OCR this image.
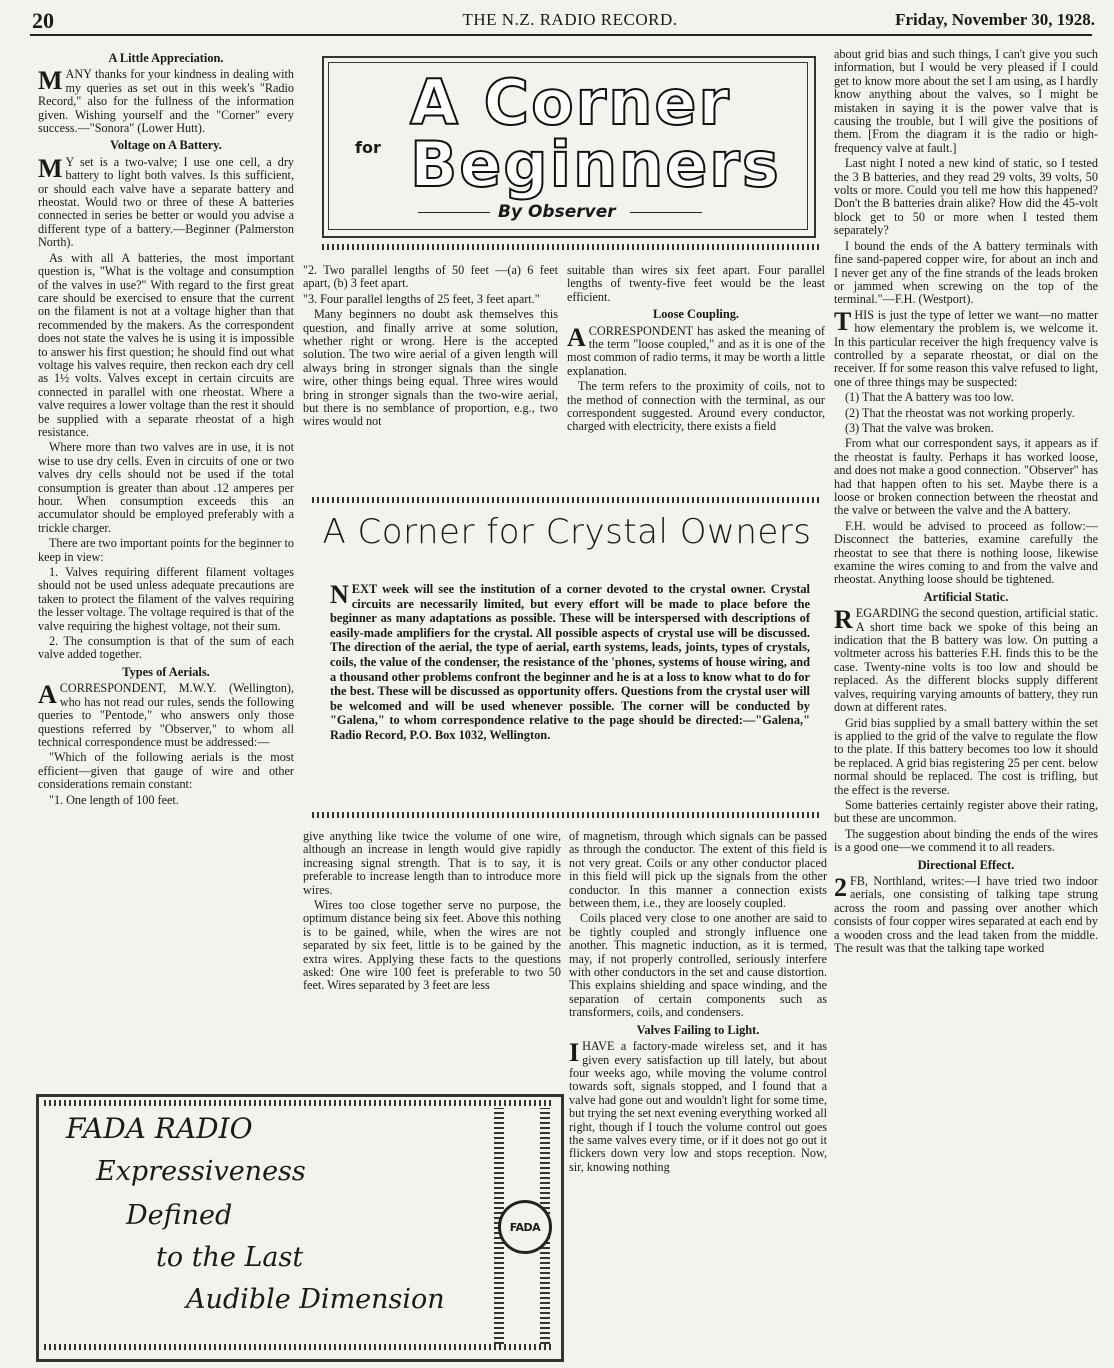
20	THE N.Z. RADIO RECORD.	Friday, November 30, 1928.
A Little Appreciation.

MANY thanks for your kindness in dealing with my queries as set out in this week's "Radio Record," also for the fullness of the information given. Wishing yourself and the "Corner" every success.—"Sonora" (Lower Hutt).

Voltage on A Battery.

M Y set is a two-valve; I use one cell, a dry battery to light both valves. Is this sufficient, or should each valve have a separate battery and rheostat. Would two or three of these A batteries connected in series be better or would you advise a different type of a battery.—Beginner (Palmerston North).

As with all A batteries, the most important question is, "What is the voltage and consumption of the valves in use?" With regard to the first great care should be exercised to ensure that the current on the filament is not at a voltage higher than that recommended by the makers. As the correspondent does not state the valves he is using it is impossible to answer his first question; he should find out what voltage his valves require, then reckon each dry cell as 1½ volts. Valves except in certain circuits are connected in parallel with one rheostat. Where a valve requires a lower voltage than the rest it should be supplied with a separate rheostat of a high resistance.

Where more than two valves are in use, it is not wise to use dry cells. Even in circuits of one or two valves dry cells should not be used if the total consumption is greater than about .12 amperes per hour. When consumption exceeds this an accumulator should be employed preferably with a trickle charger.

There are two important points for the beginner to keep in view:

1. Valves requiring different filament voltages should not be used unless adequate precautions are taken to protect the filament of the valves requiring the lesser voltage. The voltage required is that of the valve requiring the highest voltage, not their sum.

2. The consumption is that of the sum of each valve added together.

Types of Aerials.

ACORRESPONDENT, M.W.Y. (Wellington), who has not read our rules, sends the following queries to "Pentode," who answers only those questions referred by "Observer," to whom all technical correspondence must be addressed:—

"Which of the following aerials is the most efficient—given that gauge of wire and other considerations remain constant:

"1. One length of 100 feet.

A Corner
for Beginners
By Observer

"2. Two parallel lengths of 50 feet —(a) 6 feet apart, (b) 3 feet apart.

"3. Four parallel lengths of 25 feet, 3 feet apart."

Many beginners no doubt ask themselves this question, and finally arrive at some solution, whether right or wrong. Here is the accepted solution. The two wire aerial of a given length will always bring in stronger signals than the single wire, other things being equal. Three wires would bring in stronger signals than the two-wire aerial, but there is no semblance of proportion, e.g., two wires would not

suitable than wires six feet apart. Four parallel lengths of twenty-five feet would be the least efficient.

Loose Coupling.

ACORRESPONDENT has asked the meaning of the term "loose coupled," and as it is one of the most common of radio terms, it may be worth a little explanation.

The term refers to the proximity of coils, not to the method of connection with the terminal, as our correspondent suggested. Around every conductor, charged with electricity, there exists a field

A Corner for Crystal Owners
NEXT week will see the institution of a corner devoted to the crystal owner. Crystal circuits are necessarily limited, but every effort will be made to place before the beginner as many adaptations as possible. These will be interspersed with descriptions of easily-made amplifiers for the crystal. All possible aspects of crystal use will be discussed. The direction of the aerial, the type of aerial, earth systems, leads, joints, types of crystals, coils, the value of the condenser, the resistance of the 'phones, systems of house wiring, and a thousand other problems confront the beginner and he is at a loss to know what to do for the best. These will be discussed as opportunity offers. Questions from the crystal user will be welcomed and will be used whenever possible. The corner will be conducted by "Galena," to whom correspondence relative to the page should be directed:—"Galena," Radio Record, P.O. Box 1032, Wellington.

give anything like twice the volume of one wire, although an increase in length would give rapidly increasing signal strength. That is to say, it is preferable to increase length than to introduce more wires.

Wires too close together serve no purpose, the optimum distance being six feet. Above this nothing is to be gained, while, when the wires are not separated by six feet, little is to be gained by the extra wires. Applying these facts to the questions asked: One wire 100 feet is preferable to two 50 feet. Wires separated by 3 feet are less

of magnetism, through which signals can be passed as through the conductor. The extent of this field is not very great. Coils or any other conductor placed in this field will pick up the signals from the other conductor. In this manner a connection exists between them, i.e., they are loosely coupled.

Coils placed very close to one another are said to be tightly coupled and strongly influence one another. This magnetic induction, as it is termed, may, if not properly controlled, seriously interfere with other conductors in the set and cause distortion. This explains shielding and space winding, and the separation of certain components such as transformers, coils, and condensers.

Valves Failing to Light.

IHAVE a factory-made wireless set, and it has given every satisfaction up till lately, but about four weeks ago, while moving the volume control towards soft, signals stopped, and I found that a valve had gone out and wouldn't light for some time, but trying the set next evening everything worked all right, though if I touch the volume control out goes the same valves every time, or if it does not go out it flickers down very low and stops reception. Now, sir, knowing nothing

about grid bias and such things, I can't give you such information, but I would be very pleased if I could get to know more about the set I am using, as I hardly know anything about the valves, so I might be mistaken in saying it is the power valve that is causing the trouble, but I will give the positions of them. [From the diagram it is the radio or high-frequency valve at fault.]

Last night I noted a new kind of static, so I tested the 3 B batteries, and they read 29 volts, 39 volts, 50 volts or more. Could you tell me how this happened? Don't the B batteries drain alike? How did the 45-volt block get to 50 or more when I tested them separately?

I bound the ends of the A battery terminals with fine sand-papered copper wire, for about an inch and I never get any of the fine strands of the leads broken or jammed when screwing on the top of the terminal."—F.H. (Westport).

THIS is just the type of letter we want—no matter how elementary the problem is, we welcome it. In this particular receiver the high frequency valve is controlled by a separate rheostat, or dial on the receiver. If for some reason this valve refused to light, one of three things may be suspected:

(1) That the A battery was too low.

(2) That the rheostat was not working properly.

(3) That the valve was broken.

From what our correspondent says, it appears as if the rheostat is faulty. Perhaps it has worked loose, and does not make a good connection. "Observer" has had that happen often to his set. Maybe there is a loose or broken connection between the rheostat and the valve or between the valve and the A battery.

F.H. would be advised to proceed as follow:—Disconnect the batteries, examine carefully the rheostat to see that there is nothing loose, likewise examine the wires coming to and from the valve and rheostat. Anything loose should be tightened.

Artificial Static.

REGARDING the second question, artificial static. A short time back we spoke of this being an indication that the B battery was low. On putting a voltmeter across his batteries F.H. finds this to be the case. Twenty-nine volts is too low and should be replaced. As the different blocks supply different valves, requiring varying amounts of battery, they run down at different rates.

Grid bias supplied by a small battery within the set is applied to the grid of the valve to regulate the flow to the plate. If this battery becomes too low it should be replaced. A grid bias registering 25 per cent. below normal should be replaced. The cost is trifling, but the effect is the reverse.

Some batteries certainly register above their rating, but these are uncommon.

The suggestion about binding the ends of the wires is a good one—we commend it to all readers.

Directional Effect.

2 FB, Northland, writes:—I have tried two indoor aerials, one consisting of talking tape strung across the room and passing over another which consists of four copper wires separated at each end by a wooden cross and the lead taken from the middle. The result was that the talking tape worked

FADA RADIO
Expressiveness
Defined
to the Last
Audible Dimension
FADA
